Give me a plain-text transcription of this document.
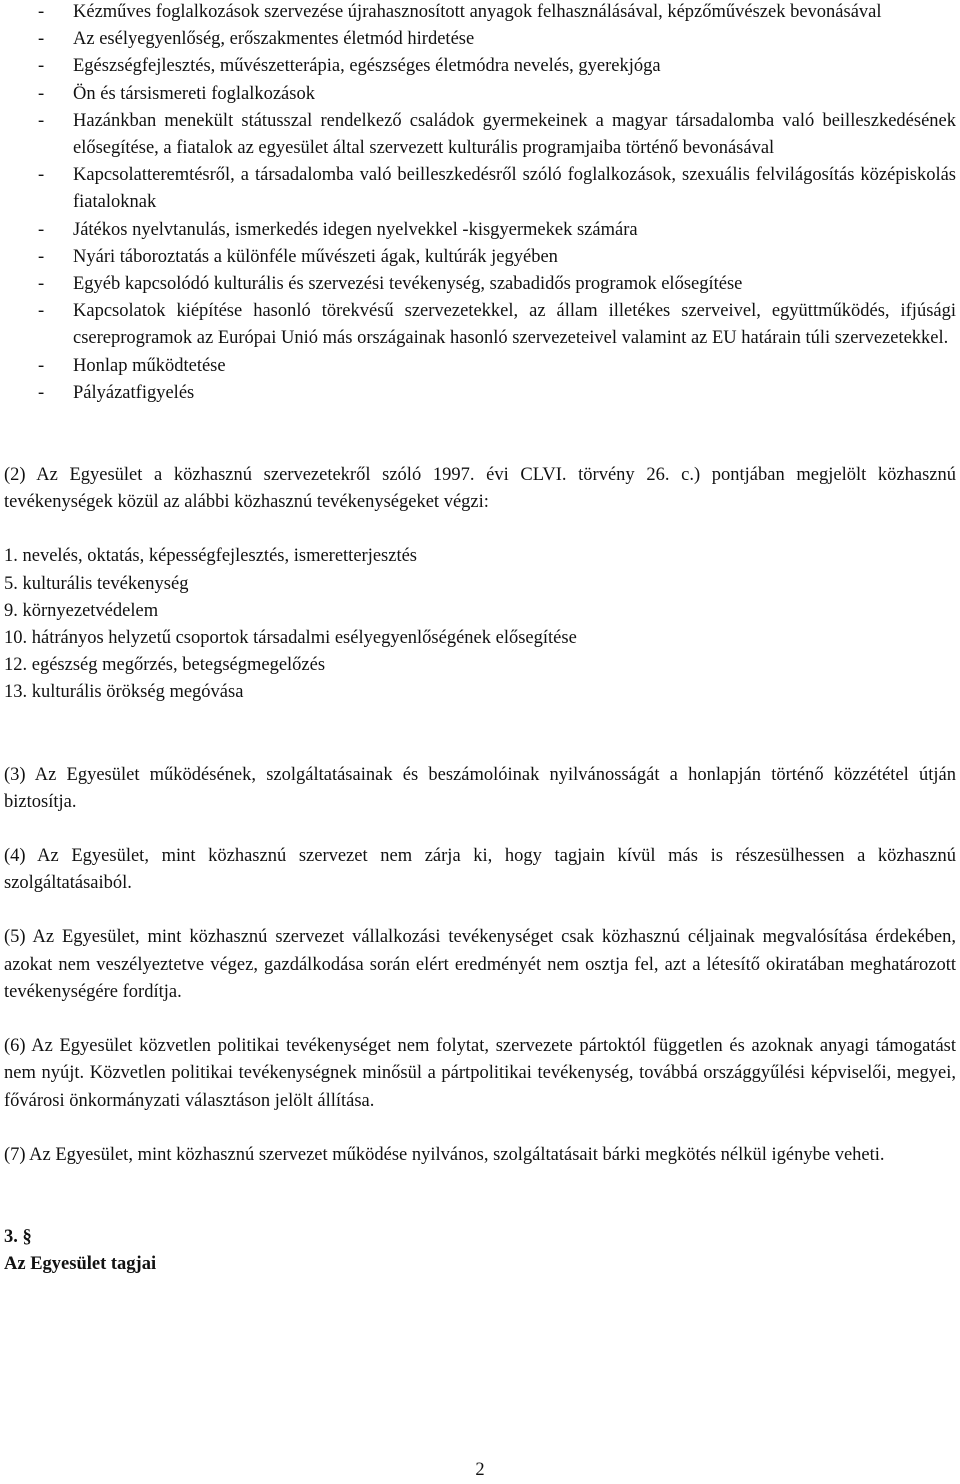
- Kézműves foglalkozások szervezése újrahasznosított anyagok felhasználásával, képzőművészek bevonásával
- Az esélyegyenlőség, erőszakmentes életmód hirdetése
- Egészségfejlesztés, művészetterápia, egészséges életmódra nevelés, gyerekjóga
- Ön és társismereti foglalkozások
- Hazánkban menekült státusszal rendelkező családok gyermekeinek a magyar társadalomba való beilleszkedésének elősegítése, a fiatalok az egyesület által szervezett kulturális programjaiba történő bevonásával
- Kapcsolatteremtésről, a társadalomba való beilleszkedésről szóló foglalkozások, szexuális felvilágosítás középiskolás fiataloknak
- Játékos nyelvtanulás, ismerkedés idegen nyelvekkel -kisgyermekek számára
- Nyári táboroztatás a különféle művészeti ágak, kultúrák jegyében
- Egyéb kapcsolódó kulturális és szervezési tevékenység, szabadidős programok elősegítése
- Kapcsolatok kiépítése hasonló törekvésű szervezetekkel, az állam illetékes szerveivel, együttműködés, ifjúsági csereprogramok az Európai Unió más országainak hasonló szervezeteivel valamint az EU határain túli szervezetekkel.
- Honlap működtetése
- Pályázatfigyelés

(2) Az Egyesület a közhasznú szervezetekről szóló 1997. évi CLVI. törvény 26. c.) pontjában megjelölt közhasznú tevékenységek közül az alábbi közhasznú tevékenységeket végzi:

1. nevelés, oktatás, képességfejlesztés, ismeretterjesztés
5. kulturális tevékenység
9. környezetvédelem
10. hátrányos helyzetű csoportok társadalmi esélyegyenlőségének elősegítése
12. egészség megőrzés, betegségmegelőzés
13. kulturális örökség megóvása

(3) Az Egyesület működésének, szolgáltatásainak és beszámolóinak nyilvánosságát a honlapján történő közzététel útján biztosítja.

(4) Az Egyesület, mint közhasznú szervezet nem zárja ki, hogy tagjain kívül más is részesülhessen a közhasznú szolgáltatásaiból.

(5) Az Egyesület, mint közhasznú szervezet vállalkozási tevékenységet csak közhasznú céljainak megvalósítása érdekében, azokat nem veszélyeztetve végez, gazdálkodása során elért eredményét nem osztja fel, azt a létesítő okiratában meghatározott tevékenységére fordítja.

(6) Az Egyesület közvetlen politikai tevékenységet nem folytat, szervezete pártoktól független és azoknak anyagi támogatást nem nyújt. Közvetlen politikai tevékenységnek minősül a pártpolitikai tevékenység, továbbá országgyűlési képviselői, megyei, fővárosi önkormányzati választáson jelölt állítása.

(7) Az Egyesület, mint közhasznú szervezet működése nyilvános, szolgáltatásait bárki megkötés nélkül igénybe veheti.

3. §
Az Egyesület tagjai
2
